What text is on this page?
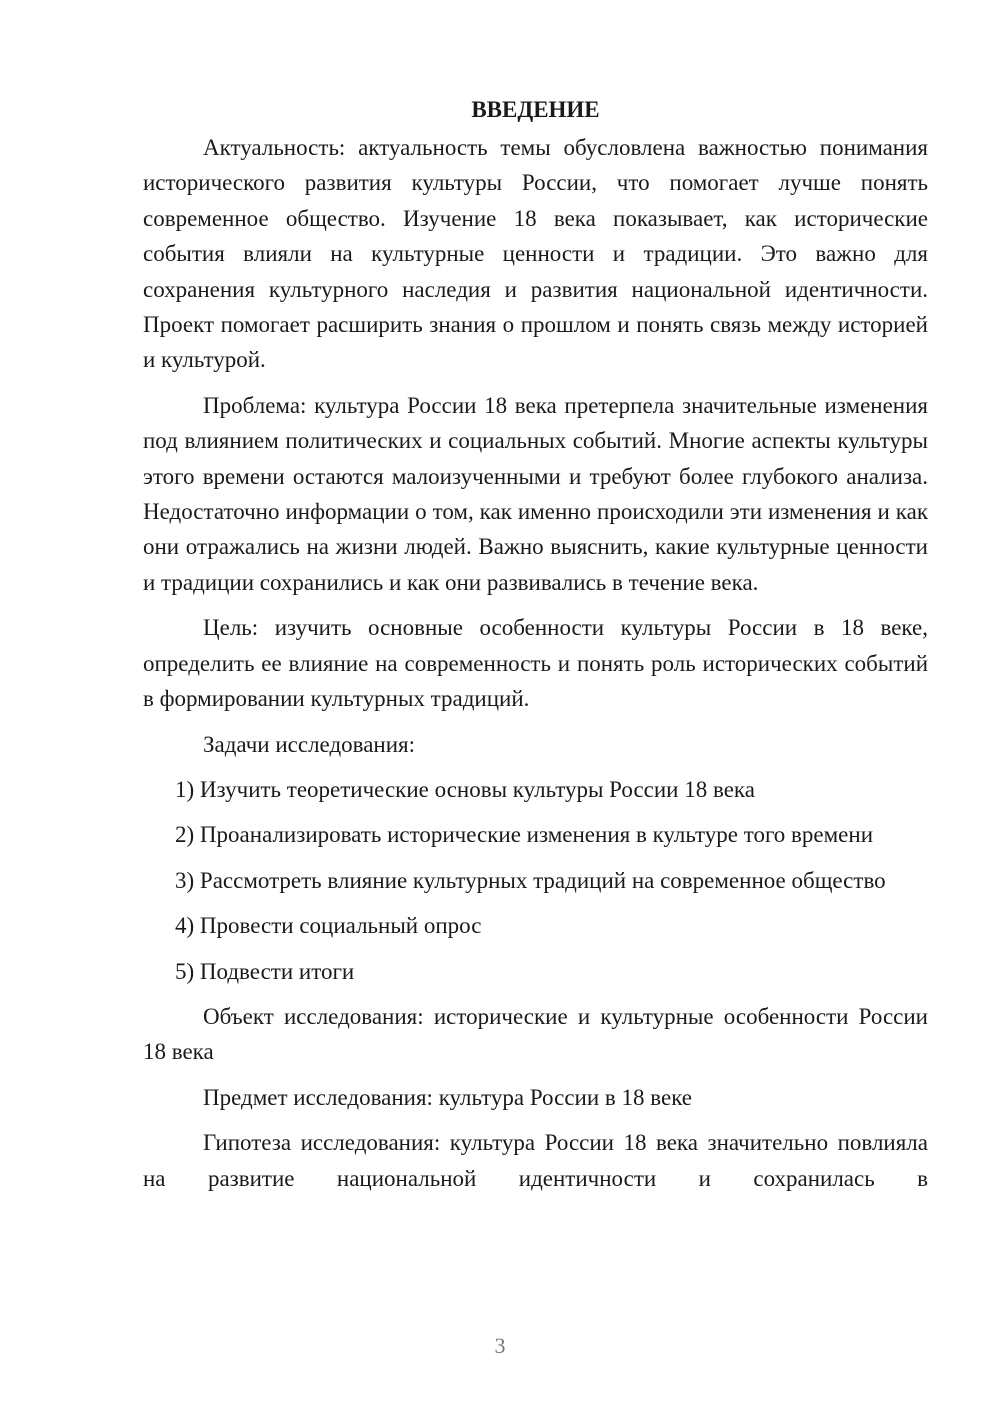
ВВЕДЕНИЕ

Актуальность: актуальность темы обусловлена важностью понимания исторического развития культуры России, что помогает лучше понять современное общество. Изучение 18 века показывает, как исторические события влияли на культурные ценности и традиции. Это важно для сохранения культурного наследия и развития национальной идентичности. Проект помогает расширить знания о прошлом и понять связь между историей и культурой.

Проблема: культура России 18 века претерпела значительные изменения под влиянием политических и социальных событий. Многие аспекты культуры этого времени остаются малоизученными и требуют более глубокого анализа. Недостаточно информации о том, как именно происходили эти изменения и как они отражались на жизни людей. Важно выяснить, какие культурные ценности и традиции сохранились и как они развивались в течение века.

Цель: изучить основные особенности культуры России в 18 веке, определить ее влияние на современность и понять роль исторических событий в формировании культурных традиций.

Задачи исследования:

1) Изучить теоретические основы культуры России 18 века

2) Проанализировать исторические изменения в культуре того времени

3) Рассмотреть влияние культурных традиций на современное общество

4) Провести социальный опрос

5) Подвести итоги

Объект исследования: исторические и культурные особенности России 18 века

Предмет исследования: культура России в 18 веке

Гипотеза исследования: культура России 18 века значительно повлияла на развитие национальной идентичности и сохранилась в

3
